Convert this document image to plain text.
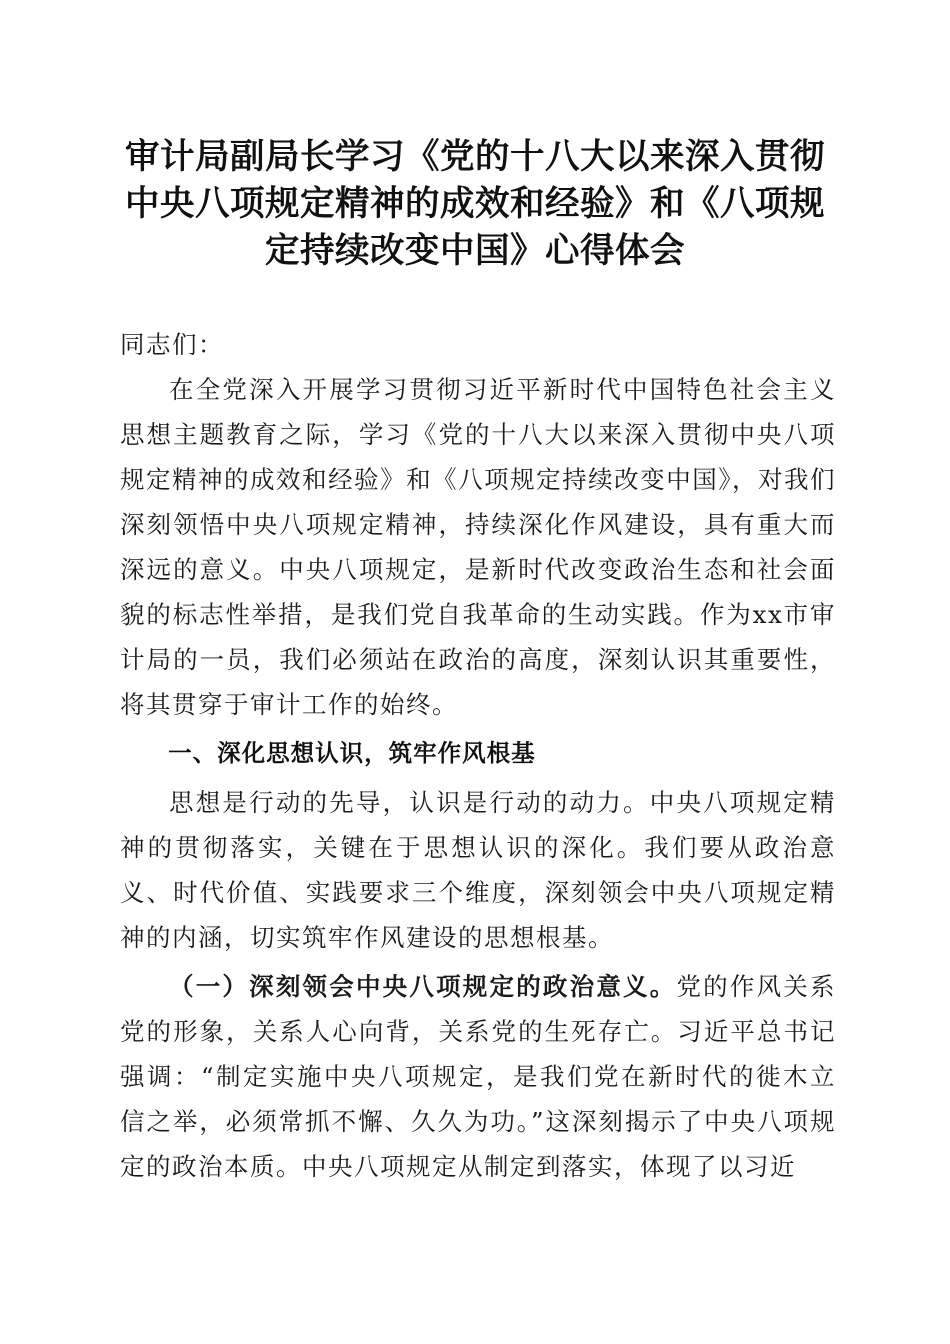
审计局副局长学习《党的十八大以来深入贯彻中央八项规定精神的成效和经验》和《八项规定持续改变中国》心得体会

同志们：

在全党深入开展学习贯彻习近平新时代中国特色社会主义思想主题教育之际，学习《党的十八大以来深入贯彻中央八项规定精神的成效和经验》和《八项规定持续改变中国》，对我们深刻领悟中央八项规定精神，持续深化作风建设，具有重大而深远的意义。中央八项规定，是新时代改变政治生态和社会面貌的标志性举措，是我们党自我革命的生动实践。作为xx市审计局的一员，我们必须站在政治的高度，深刻认识其重要性，将其贯穿于审计工作的始终。

一、深化思想认识，筑牢作风根基

思想是行动的先导，认识是行动的动力。中央八项规定精神的贯彻落实，关键在于思想认识的深化。我们要从政治意义、时代价值、实践要求三个维度，深刻领会中央八项规定精神的内涵，切实筑牢作风建设的思想根基。

（一）深刻领会中央八项规定的政治意义。党的作风关系党的形象，关系人心向背，关系党的生死存亡。习近平总书记强调：“制定实施中央八项规定，是我们党在新时代的徙木立信之举，必须常抓不懈、久久为功。”这深刻揭示了中央八项规定的政治本质。中央八项规定从制定到落实，体现了以习近
